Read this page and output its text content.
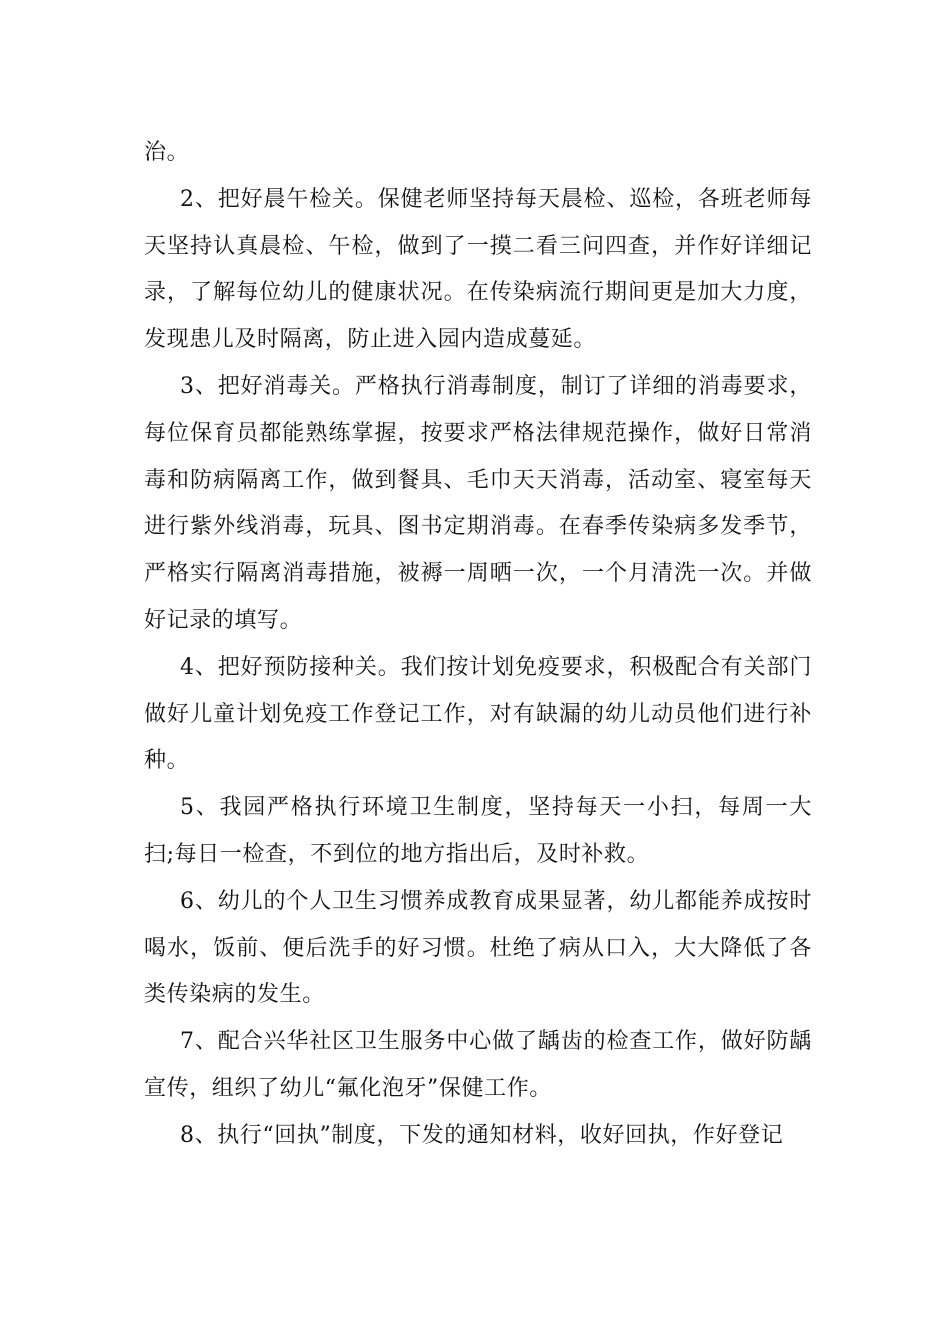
治。

2、把好晨午检关。保健老师坚持每天晨检、巡检，各班老师每天坚持认真晨检、午检，做到了一摸二看三问四查，并作好详细记录，了解每位幼儿的健康状况。在传染病流行期间更是加大力度，发现患儿及时隔离，防止进入园内造成蔓延。

3、把好消毒关。严格执行消毒制度，制订了详细的消毒要求，每位保育员都能熟练掌握，按要求严格法律规范操作，做好日常消毒和防病隔离工作，做到餐具、毛巾天天消毒，活动室、寝室每天进行紫外线消毒，玩具、图书定期消毒。在春季传染病多发季节，严格实行隔离消毒措施，被褥一周晒一次，一个月清洗一次。并做好记录的填写。

4、把好预防接种关。我们按计划免疫要求，积极配合有关部门做好儿童计划免疫工作登记工作，对有缺漏的幼儿动员他们进行补种。

5、我园严格执行环境卫生制度，坚持每天一小扫，每周一大扫;每日一检查，不到位的地方指出后，及时补救。

6、幼儿的个人卫生习惯养成教育成果显著，幼儿都能养成按时喝水，饭前、便后洗手的好习惯。杜绝了病从口入，大大降低了各类传染病的发生。

7、配合兴华社区卫生服务中心做了龋齿的检查工作，做好防龋宣传，组织了幼儿“氟化泡牙”保健工作。

8、执行“回执”制度，下发的通知材料，收好回执，作好登记
